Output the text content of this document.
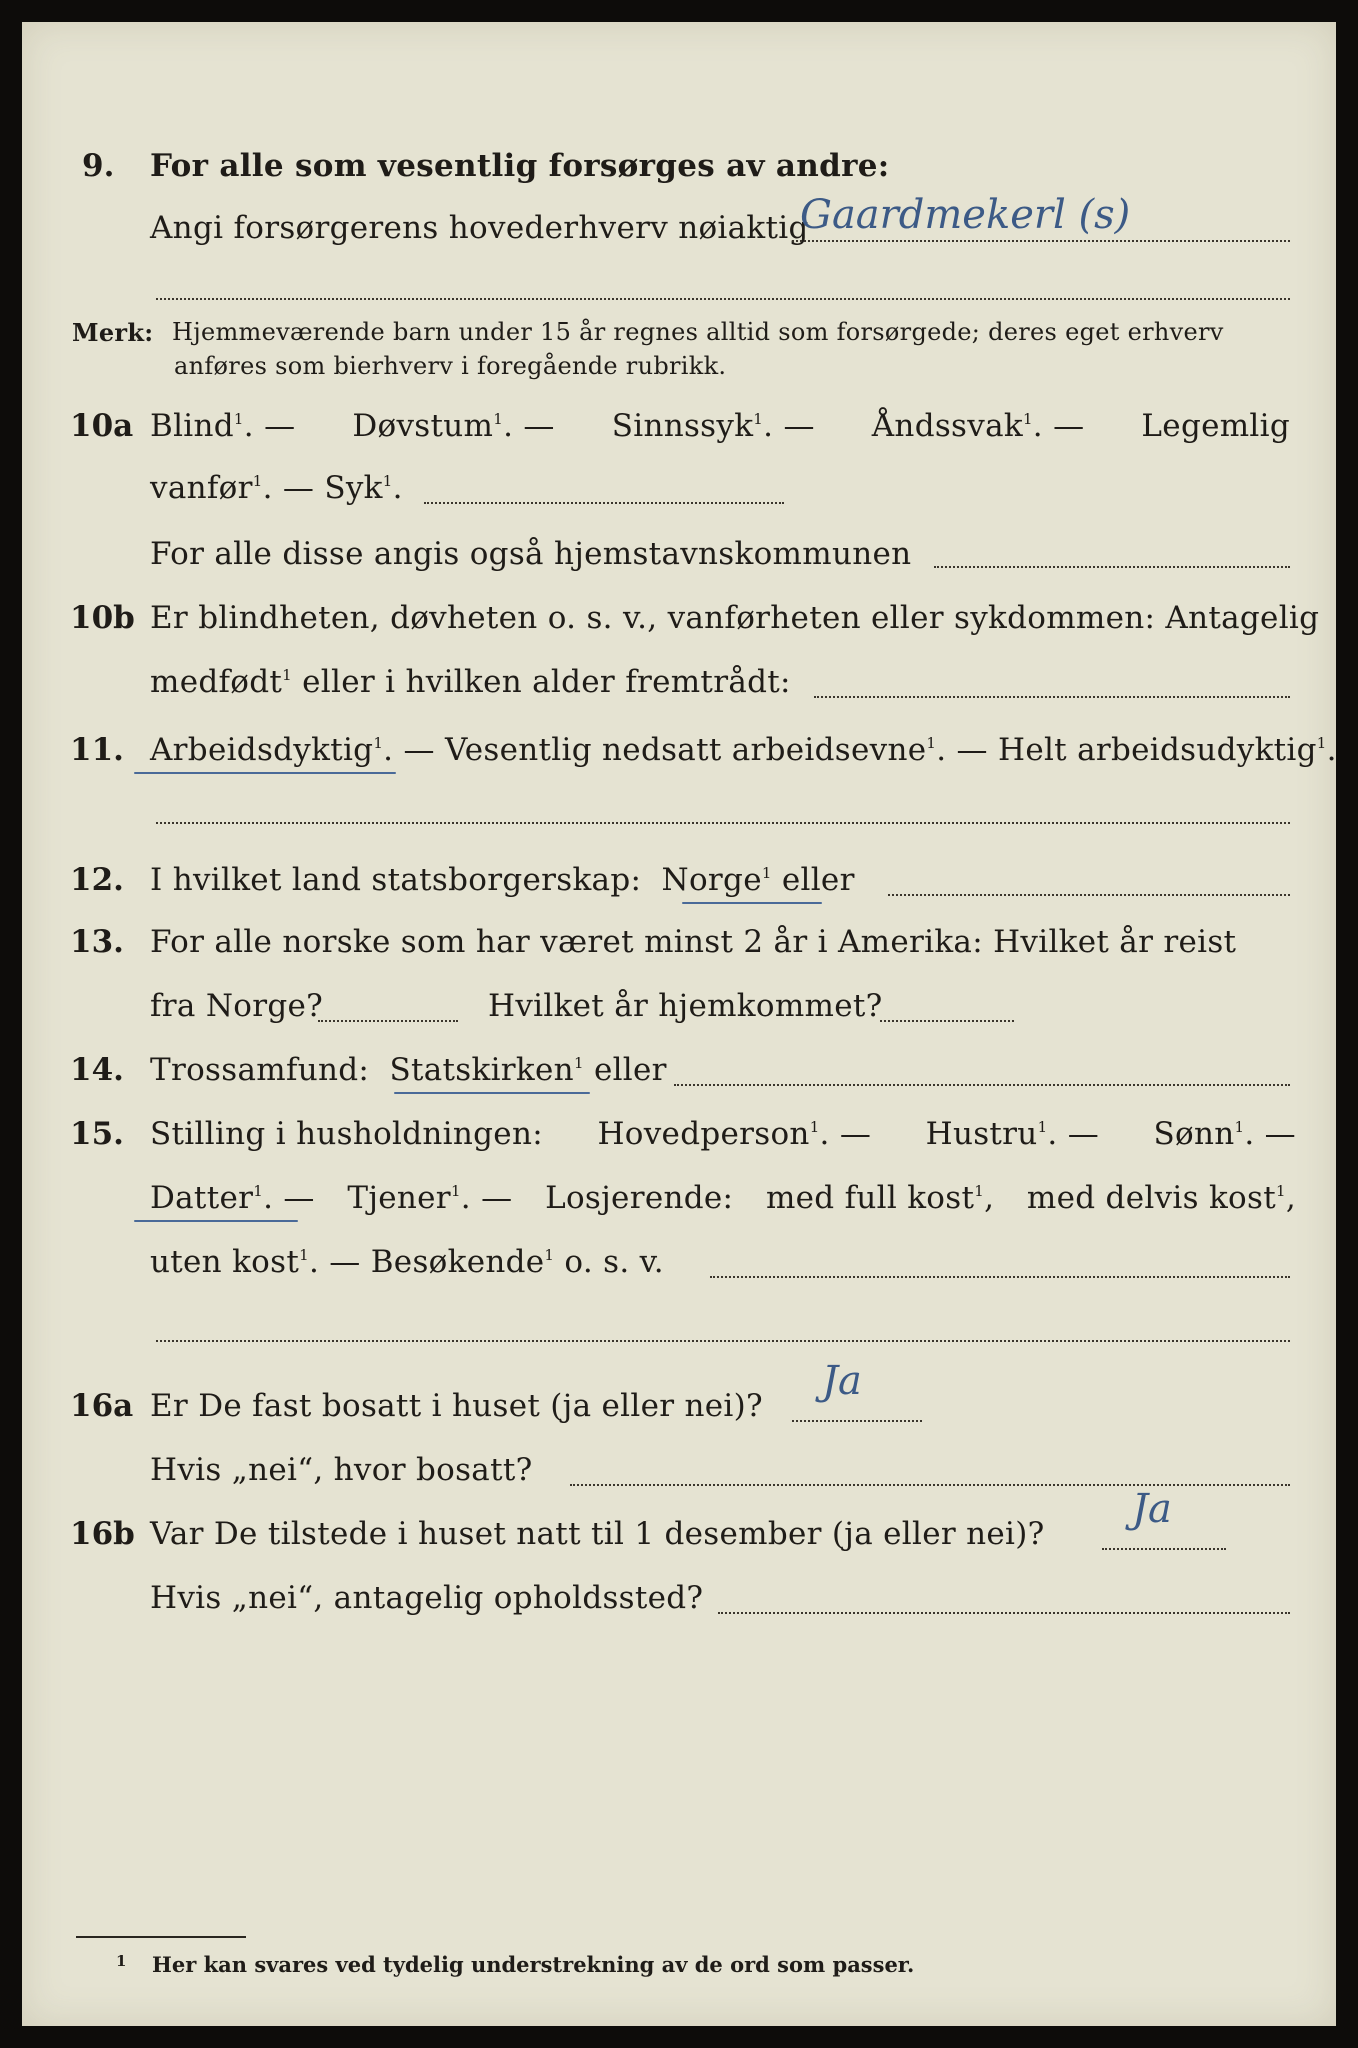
9. For alle som vesentlig forsørges av andre:
Angi forsørgerens hovederhverv nøiaktig
Gaardmekerl (s)
Merk: Hjemmeværende barn under 15 år regnes alltid som forsørgede; deres eget erhverv
anføres som bierhverv i foregående rubrikk.
10a Blind$^1$. — Døvstum$^1$. — Sinnssyk$^1$. — Åndssvak$^1$. — Legemlig
vanfør$^1$. — Syk$^1$.
For alle disse angis også hjemstavnskommunen
10b Er blindheten, døvheten o. s. v., vanførheten eller sykdommen: Antagelig
medfødt$^1$ eller i hvilken alder fremtrådt:
11. Arbeidsdyktig$^1$. — Vesentlig nedsatt arbeidsevne$^1$. — Helt arbeidsudyktig$^1$.
12. I hvilket land statsborgerskap: Norge$^1$ eller
13. For alle norske som har været minst 2 år i Amerika: Hvilket år reist
fra Norge?	Hvilket år hjemkommet?
14. Trossamfund: Statskirken$^1$ eller
15. Stilling i husholdningen: Hovedperson$^1$. — Hustru$^1$. — Sønn$^1$. —
Datter$^1$. — Tjener$^1$. — Losjerende: med full kost$^1$, med delvis kost$^1$,
uten kost$^1$. — Besøkende$^1$ o. s. v.
16a Er De fast bosatt i huset (ja eller nei)?
Ja
Hvis „nei“, hvor bosatt?
16b Var De tilstede i huset natt til 1 desember (ja eller nei)?
Ja
Hvis „nei“, antagelig opholdssted?
1 Her kan svares ved tydelig understrekning av de ord som passer.
